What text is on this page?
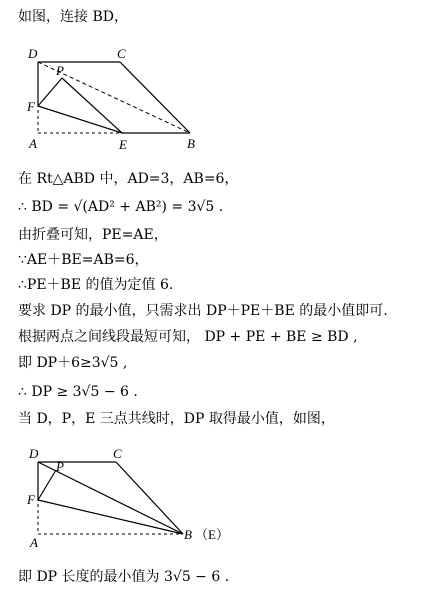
如图，连接 BD，
D	C
P
F
A	E	B
在 Rt△ABD 中，AD=3，AB=6，
∴ BD = √(AD² + AB²) = 3√5 .
由折叠可知，PE=AE，
∵AE＋BE=AB=6，
∴PE＋BE 的值为定值 6.
要求 DP 的最小值，只需求出 DP＋PE＋BE 的最小值即可.
根据两点之间线段最短可知， DP + PE + BE ≥ BD ,
即 DP＋6≥3√5 ,
∴ DP ≥ 3√5 − 6 .
当 D，P，E 三点共线时，DP 取得最小值，如图，
D	C
P
F
A
B （E）
即 DP 长度的最小值为 3√5 − 6 .
